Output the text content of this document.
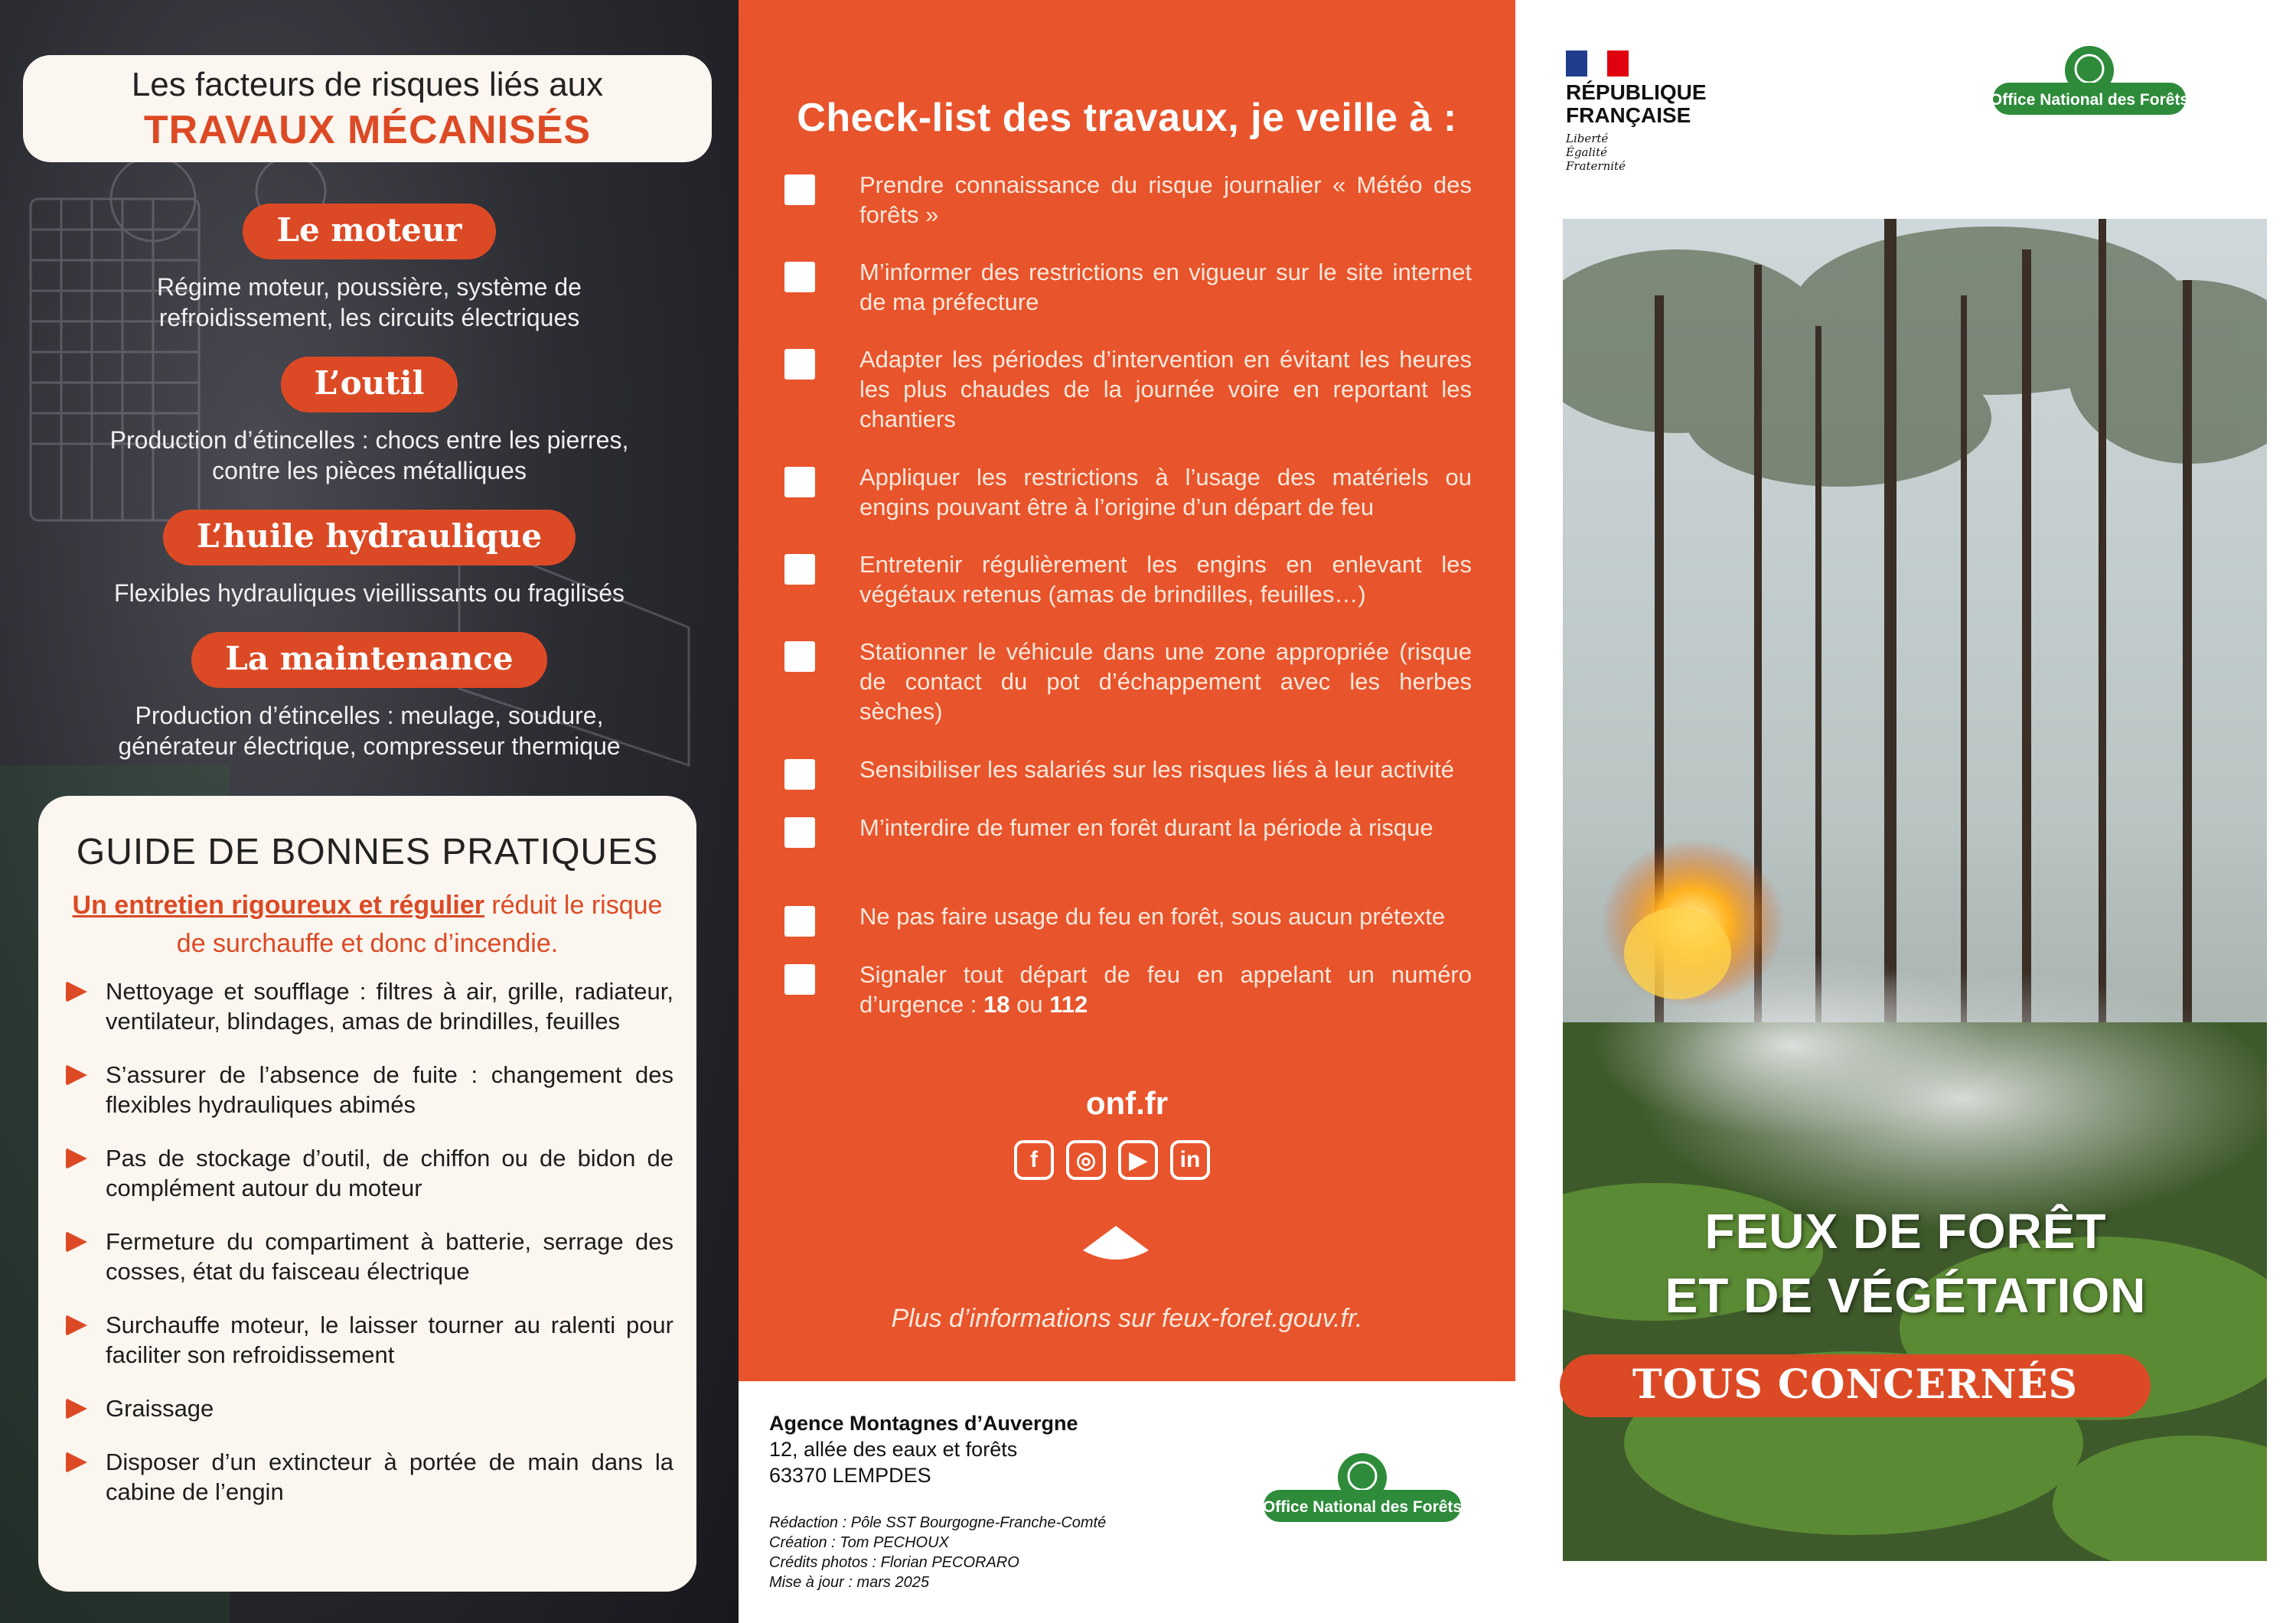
Les facteurs de risques liés aux
TRAVAUX MÉCANISÉS
Le moteur
Régime moteur, poussière, système de
refroidissement, les circuits électriques
L’outil
Production d’étincelles : chocs entre les pierres,
contre les pièces métalliques
L’huile hydraulique
Flexibles hydrauliques vieillissants ou fragilisés
La maintenance
Production d’étincelles : meulage, soudure,
générateur électrique, compresseur thermique
GUIDE DE BONNES PRATIQUES
Un entretien rigoureux et régulier réduit le risque de surchauffe et donc d’incendie.
Nettoyage et soufflage : filtres à air, grille, radiateur, ventilateur, blindages, amas de brindilles, feuilles
S’assurer de l’absence de fuite : changement des flexibles hydrauliques abimés
Pas de stockage d’outil, de chiffon ou de bidon de complément autour du moteur
Fermeture du compartiment à batterie, serrage des cosses, état du faisceau électrique
Surchauffe moteur, le laisser tourner au ralenti pour faciliter son refroidissement
Graissage
Disposer d’un extincteur à portée de main dans la cabine de l’engin
Check-list des travaux, je veille à :
Prendre connaissance du risque journalier « Météo des forêts »
M’informer des restrictions en vigueur sur le site internet de ma préfecture
Adapter les périodes d’intervention en évitant les heures les plus chaudes de la journée voire en reportant les chantiers
Appliquer les restrictions à l’usage des matériels ou engins pouvant être à l’origine d’un départ de feu
Entretenir régulièrement les engins en enlevant les végétaux retenus (amas de brindilles, feuilles…)
Stationner le véhicule dans une zone appropriée (risque de contact du pot d’échappement avec les herbes sèches)
Sensibiliser les salariés sur les risques liés à leur activité
M’interdire de fumer en forêt durant la période à risque
Ne pas faire usage du feu en forêt, sous aucun prétexte
Signaler tout départ de feu en appelant un numéro d’urgence : 18 ou 112
onf.fr
f	◎	▶	in
Plus d’informations sur feux-foret.gouv.fr.
Agence Montagnes d’Auvergne
12, allée des eaux et forêts
63370 LEMPDES
Rédaction : Pôle SST Bourgogne-Franche-Comté
Création : Tom PECHOUX
Crédits photos : Florian PECORARO
Mise à jour : mars 2025
Office National des Forêts
RÉPUBLIQUE
FRANÇAISE
Liberté
Égalité
Fraternité
Office National des Forêts
FEUX DE FORÊT
ET DE VÉGÉTATION
TOUS CONCERNÉS
